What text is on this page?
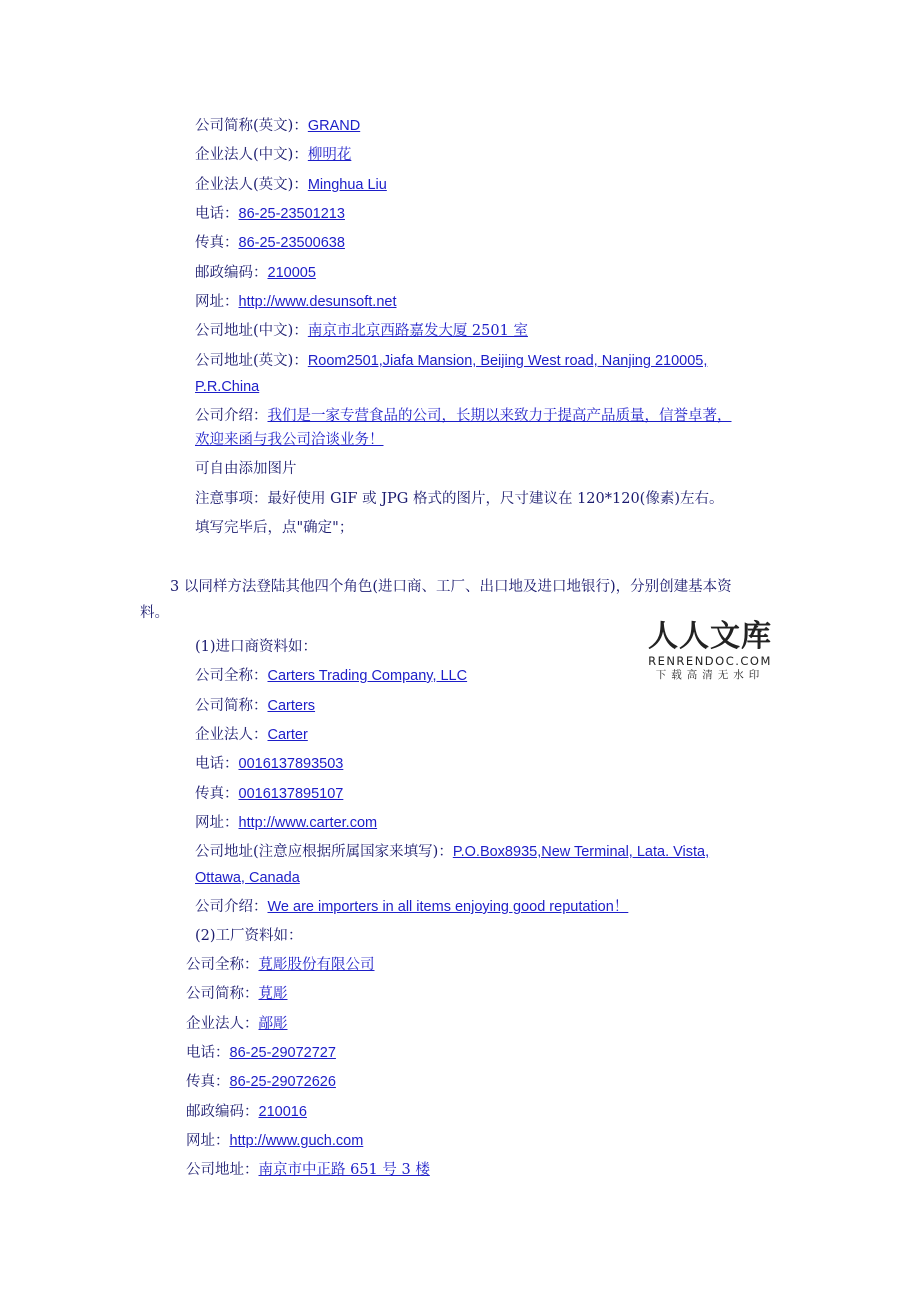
公司简称(英文)：GRAND
企业法人(中文)：柳明花
企业法人(英文)：Minghua Liu
电话：86-25-23501213
传真：86-25-23500638
邮政编码：210005
网址：http://www.desunsoft.net
公司地址(中文)：南京市北京西路嘉发大厦 2501 室
公司地址(英文)：Room2501,Jiafa Mansion, Beijing West road, Nanjing 210005,
P.R.China
公司介绍：我们是一家专营食品的公司，长期以来致力于提高产品质量，信誉卓著，
欢迎来函与我公司洽谈业务！
可自由添加图片
注意事项：最好使用 GIF 或 JPG 格式的图片，尺寸建议在 120*120(像素)左右。
填写完毕后，点"确定"；
3 以同样方法登陆其他四个角色(进口商、工厂、出口地及进口地银行)，分别创建基本资
料。
人人文库
RENRENDOC.COM
下载高清无水印
(1)进口商资料如：
公司全称：Carters Trading Company, LLC
公司简称：Carters
企业法人：Carter
电话：0016137893503
传真：0016137895107
网址：http://www.carter.com
公司地址(注意应根据所属国家来填写)：P.O.Box8935,New Terminal, Lata. Vista,
Ottawa, Canada
公司介绍：We are importers in all items enjoying good reputation！
(2)工厂资料如：
公司全称：莧彫股份有限公司
公司简称：莧彫
企业法人：鄗彫
电话：86-25-29072727
传真：86-25-29072626
邮政编码：210016
网址：http://www.guch.com
公司地址：南京市中正路 651 号 3 楼
